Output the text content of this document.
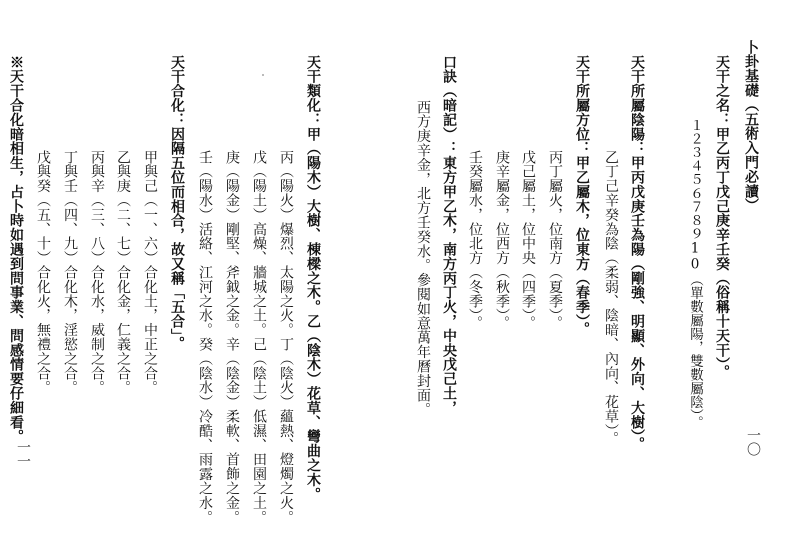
卜卦基礎（五術入門必讀）
天干之名：甲乙丙丁戊己庚辛壬癸（俗稱十天干）。
１２３４５６７８９10（單數屬陽，雙數屬陰）。
天干所屬陰陽：甲丙戊庚壬為陽（剛強、明顯、外向、大樹）。
乙丁己辛癸為陰（柔弱、陰暗、內向、花草）。
天干所屬方位：甲乙屬木，位東方（春季）。
丙丁屬火，位南方（夏季）。
戊己屬土，位中央（四季）。
庚辛屬金，位西方（秋季）。
壬癸屬水，位北方（冬季）。
口訣（暗記）：東方甲乙木，南方丙丁火，中央戊己土，
西方庚辛金，北方壬癸水。參閱如意萬年曆封面。
一〇
天干類化：甲（陽木）大樹、棟樑之木。乙（陰木）花草、彎曲之木。
丙（陽火）爆烈、太陽之火。丁（陰火）蘊熱、燈燭之火。
戊（陽土）高燥、牆城之土。己（陰土）低濕、田園之土。
庚（陽金）剛堅、斧鉞之金。辛（陰金）柔軟、首飾之金。
壬（陽水）活絡、江河之水。癸（陰水）冷酷、雨露之水。
天干合化：因隔五位而相合，故又稱「五合」。
甲與己（一、六）合化土，中正之合。
乙與庚（二、七）合化金，仁義之合。
丙與辛（三、八）合化水，威制之合。
丁與壬（四、九）合化木，淫慾之合。
戊與癸（五、十）合化火，無禮之合。
※天干合化暗相生，占卜時如遇到問事業、問感情要仔細看。
一一
